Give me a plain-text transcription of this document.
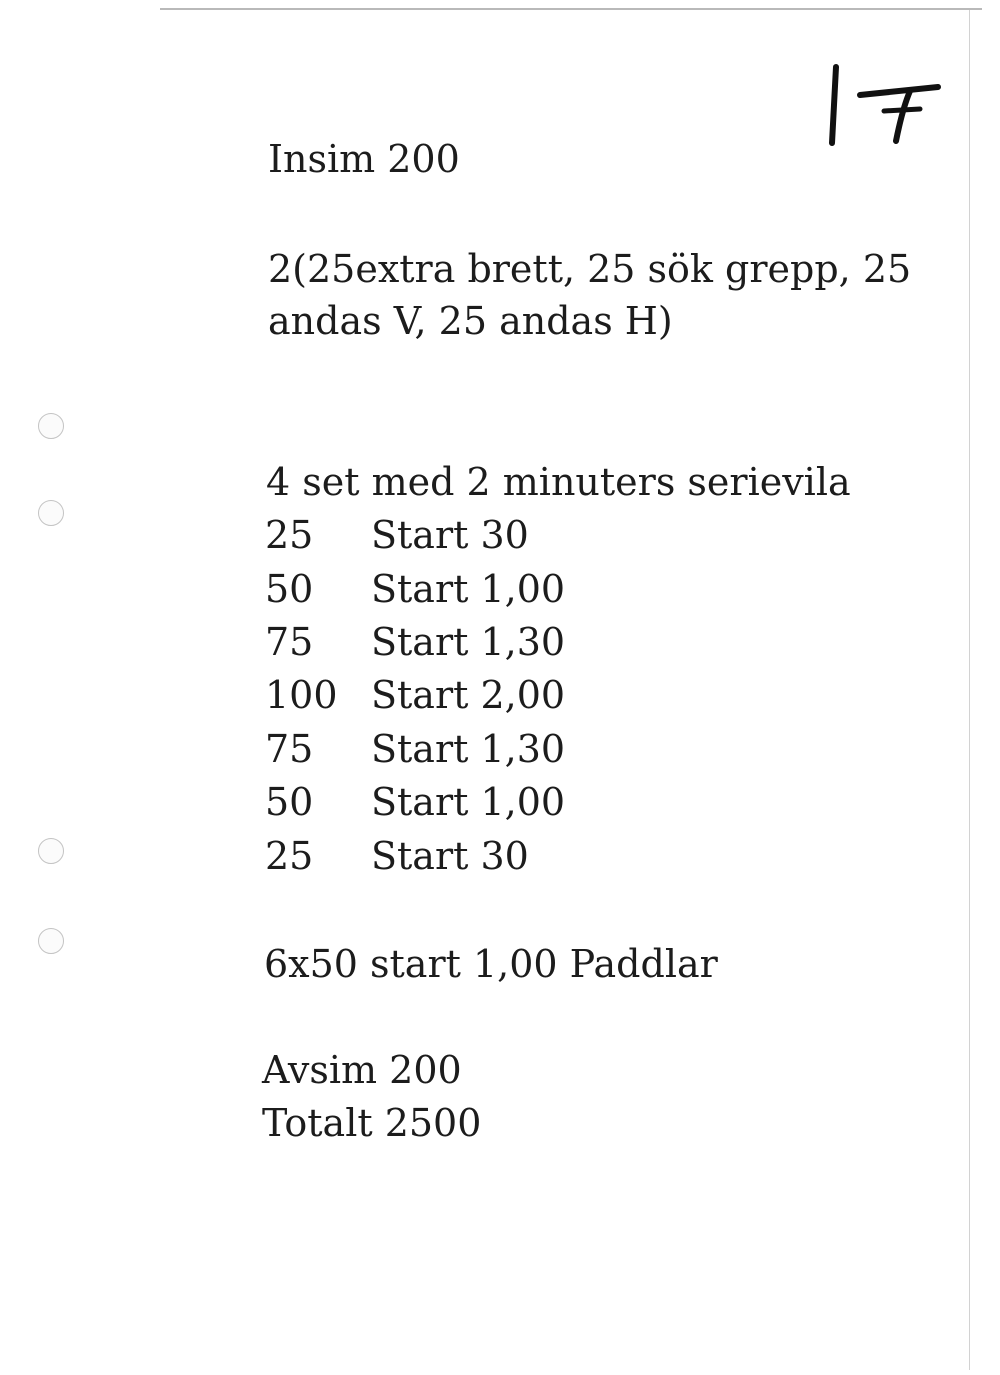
Insim 200
2(25extra brett, 25 sök grepp, 25
andas V, 25 andas H)
4 set med 2 minuters serievila
25 Start 30
50 Start 1,00
75 Start 1,30
100 Start 2,00
75 Start 1,30
50 Start 1,00
25 Start 30
6x50 start 1,00 Paddlar
Avsim 200
Totalt 2500
